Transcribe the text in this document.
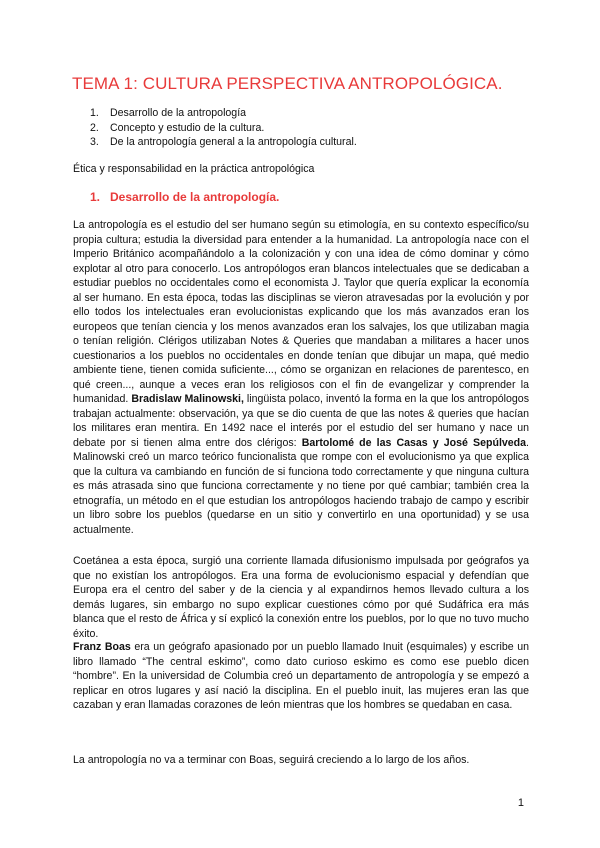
TEMA 1: CULTURA PERSPECTIVA ANTROPOLÓGICA.
1.	Desarrollo de la antropología
2.	Concepto y estudio de la cultura.
3.	De la antropología general a la antropología cultural.

Ética y responsabilidad en la práctica antropológica

1. Desarrollo de la antropología.

La antropología es el estudio del ser humano según su etimología, en su contexto específico/su propia cultura; estudia la diversidad para entender a la humanidad. La antropología nace con el Imperio Británico acompañándolo a la colonización y con una idea de cómo dominar y cómo explotar al otro para conocerlo. Los antropólogos eran blancos intelectuales que se dedicaban a estudiar pueblos no occidentales como el economista J. Taylor que quería explicar la economía al ser humano. En esta época, todas las disciplinas se vieron atravesadas por la evolución y por ello todos los intelectuales eran evolucionistas explicando que los más avanzados eran los europeos que tenían ciencia y los menos avanzados eran los salvajes, los que utilizaban magia o tenían religión. Clérigos utilizaban Notes & Queries que mandaban a militares a hacer unos cuestionarios a los pueblos no occidentales en donde tenían que dibujar un mapa, qué medio ambiente tiene, tienen comida suficiente..., cómo se organizan en relaciones de parentesco, en qué creen..., aunque a veces eran los religiosos con el fin de evangelizar y comprender la humanidad. Bradislaw Malinowski, lingüista polaco, inventó la forma en la que los antropólogos trabajan actualmente: observación, ya que se dio cuenta de que las notes & queries que hacían los militares eran mentira. En 1492 nace el interés por el estudio del ser humano y nace un debate por si tienen alma entre dos clérigos: Bartolomé de las Casas y José Sepúlveda. Malinowski creó un marco teórico funcionalista que rompe con el evolucionismo ya que explica que la cultura va cambiando en función de si funciona todo correctamente y que ninguna cultura es más atrasada sino que funciona correctamente y no tiene por qué cambiar; también crea la etnografía, un método en el que estudian los antropólogos haciendo trabajo de campo y escribir un libro sobre los pueblos (quedarse en un sitio y convertirlo en una oportunidad) y se usa actualmente.

Coetánea a esta época, surgió una corriente llamada difusionismo impulsada por geógrafos ya que no existían los antropólogos. Era una forma de evolucionismo espacial y defendían que Europa era el centro del saber y de la ciencia y al expandirnos hemos llevado cultura a los demás lugares, sin embargo no supo explicar cuestiones cómo por qué Sudáfrica era más blanca que el resto de África y sí explicó la conexión entre los pueblos, por lo que no tuvo mucho éxito.

Franz Boas era un geógrafo apasionado por un pueblo llamado Inuit (esquimales) y escribe un libro llamado “The central eskimo”, como dato curioso eskimo es como ese pueblo dicen “hombre”. En la universidad de Columbia creó un departamento de antropología y se empezó a replicar en otros lugares y así nació la disciplina. En el pueblo inuit, las mujeres eran las que cazaban y eran llamadas corazones de león mientras que los hombres se quedaban en casa.

La antropología no va a terminar con Boas, seguirá creciendo a lo largo de los años.

1
